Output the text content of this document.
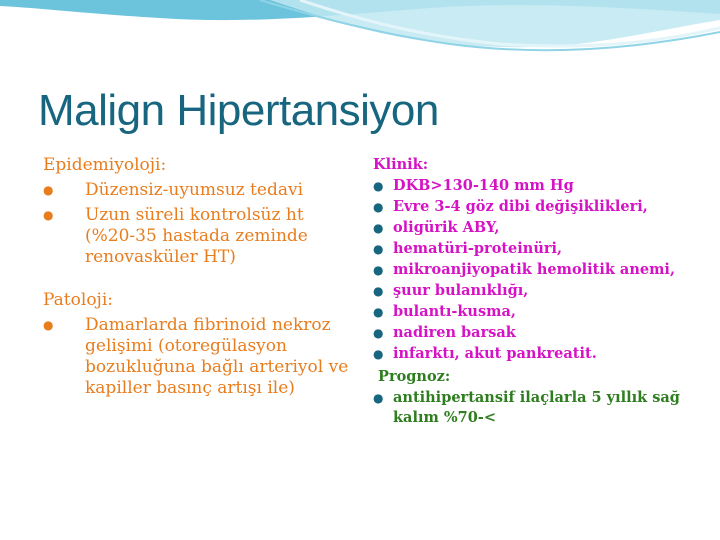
Malign Hipertansiyon

Epidemiyoloji:

● Düzensiz-uyumsuz tedavi
● Uzun süreli kontrolsüz ht (%20-35 hastada zeminde renovasküler HT)

Patoloji:

● Damarlarda fibrinoid nekroz gelişimi (otoregülasyon bozukluğuna bağlı arteriyol ve kapiller basınç artışı ile)

Klinik:

● DKB>130-140 mm Hg
● Evre 3-4 göz dibi değişiklikleri,
● oligürik ABY,
● hematüri-proteinüri,
● mikroanjiyopatik hemolitik anemi,
● şuur bulanıklığı,
● bulantı-kusma,
● nadiren barsak
● infarktı, akut pankreatit.

Prognoz:

● antihipertansif ilaçlarla 5 yıllık sağ kalım %70-<
